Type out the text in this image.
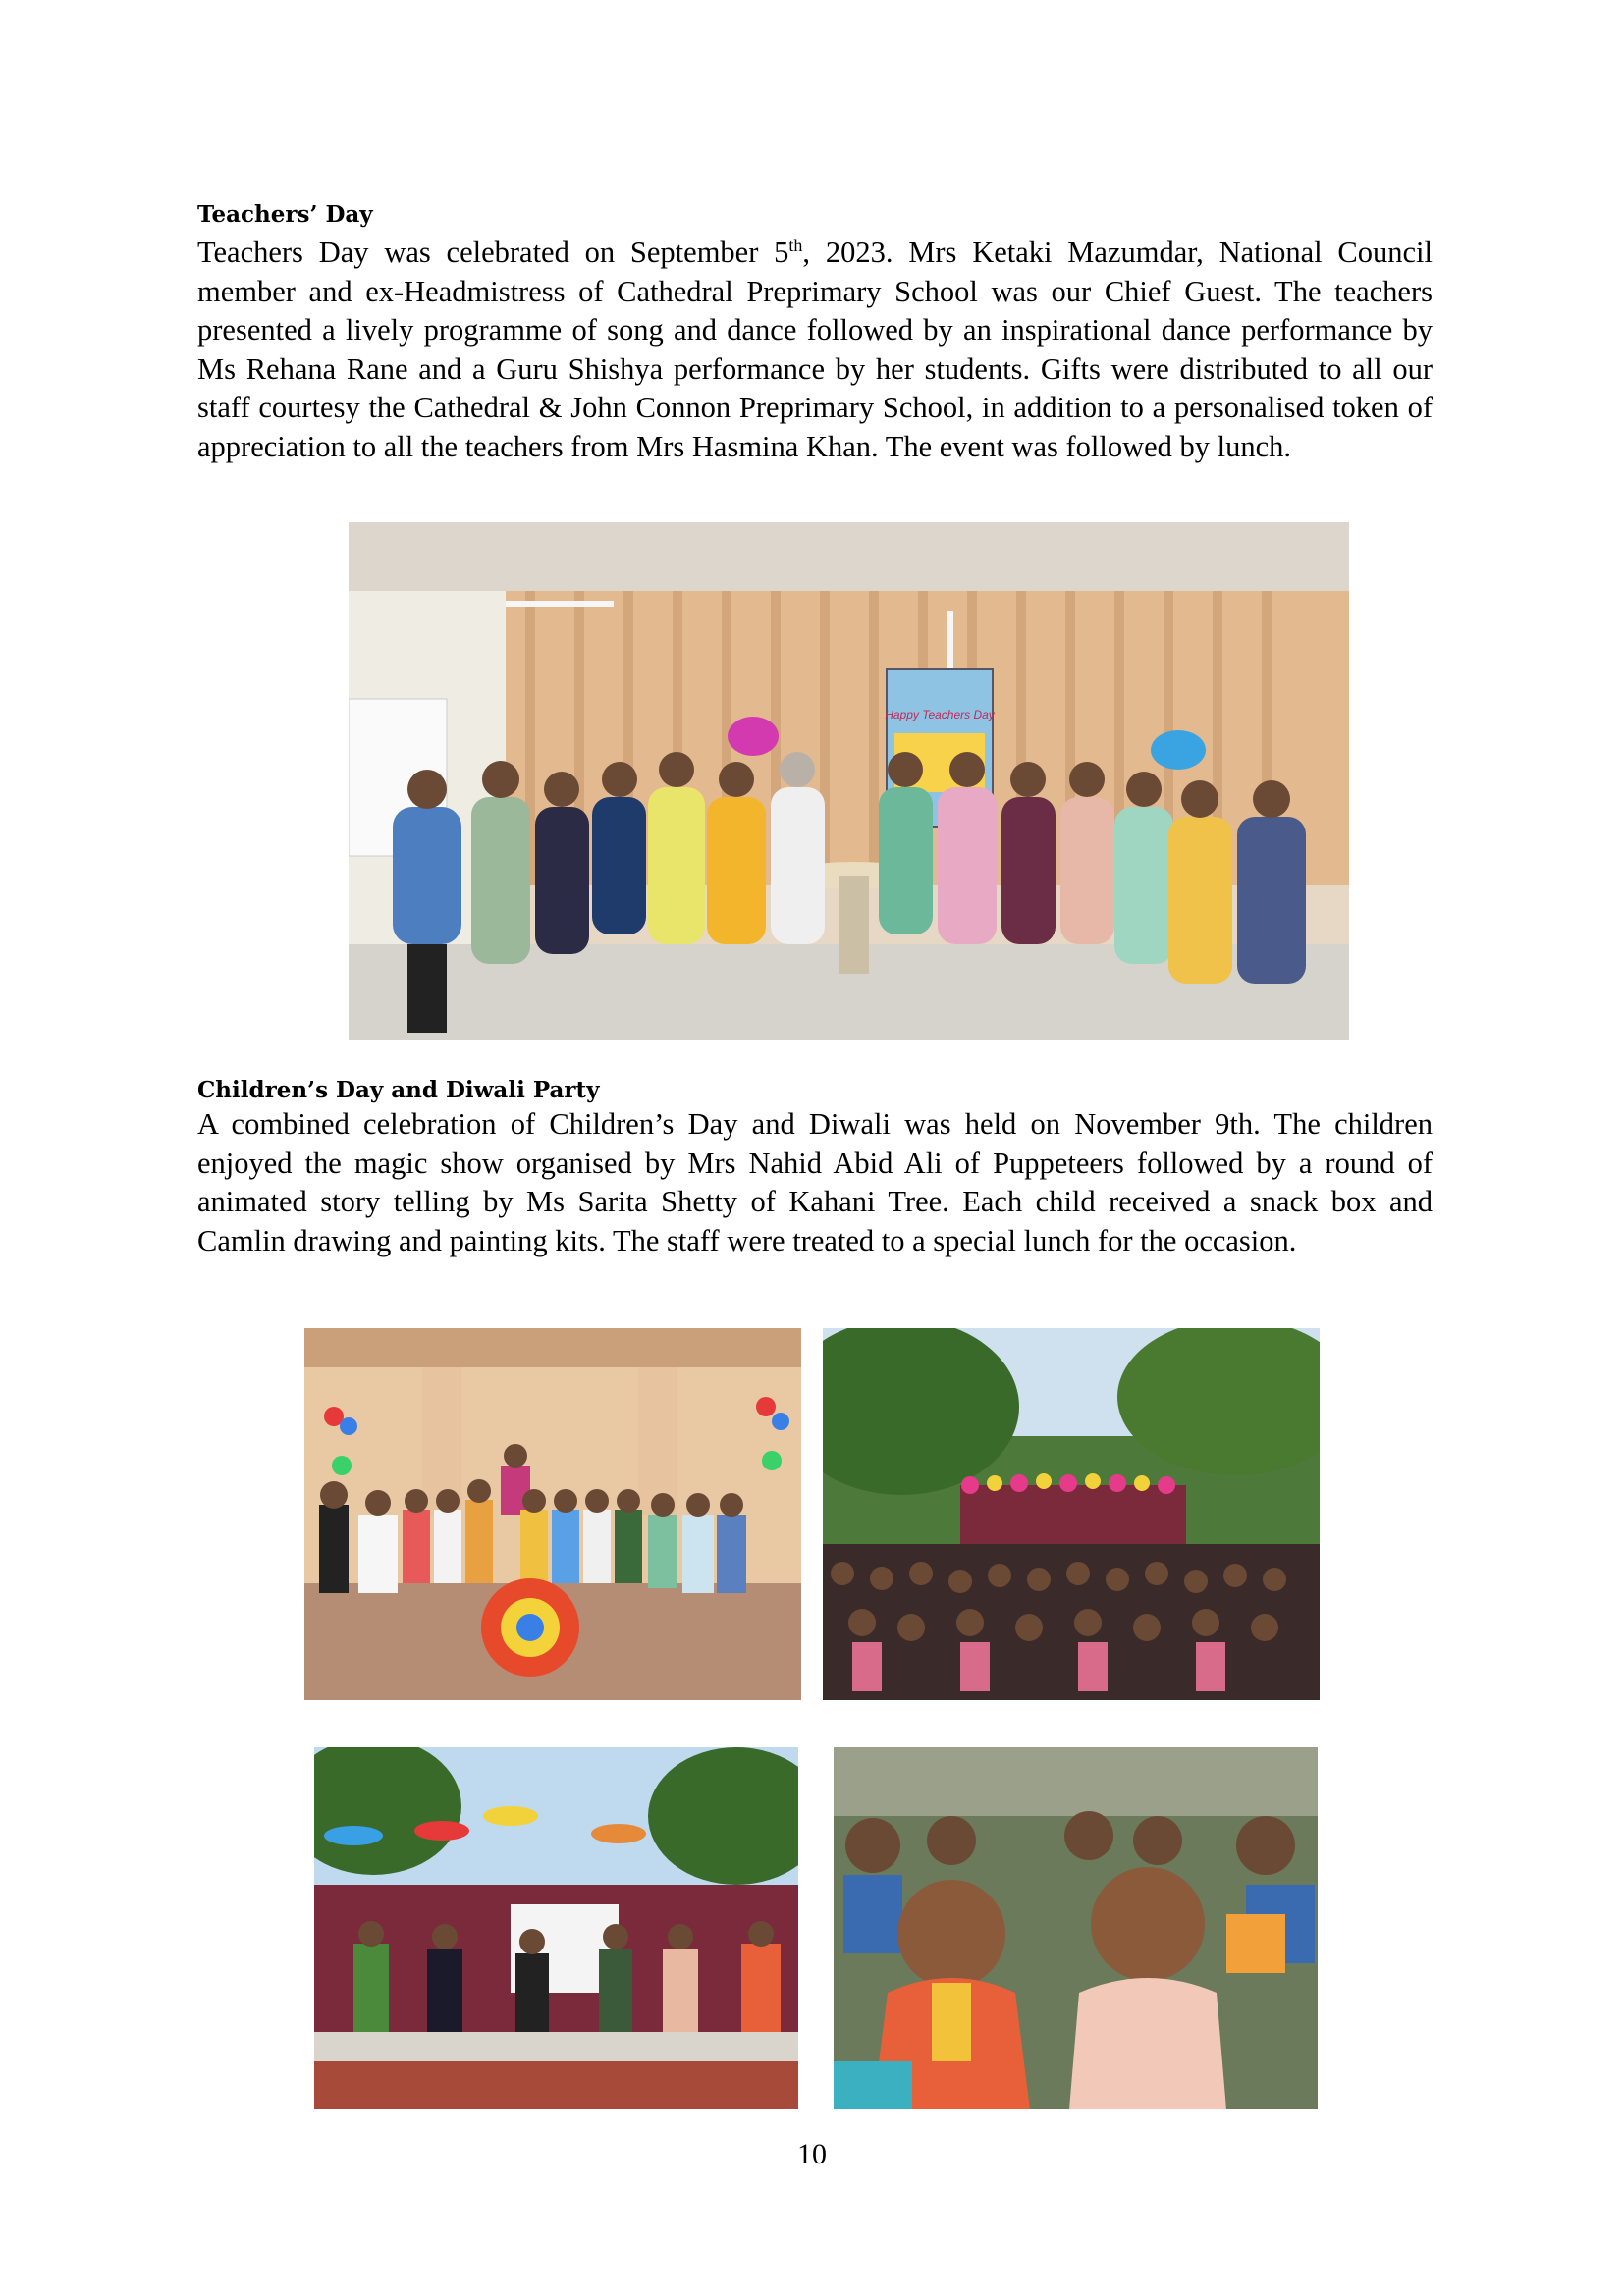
Teachers’ Day

Teachers Day was celebrated on September 5th, 2023. Mrs Ketaki Mazumdar, National Council member and ex-Headmistress of Cathedral Preprimary School was our Chief Guest. The teachers presented a lively programme of song and dance followed by an inspirational dance performance by Ms Rehana Rane and a Guru Shishya performance by her students. Gifts were distributed to all our staff courtesy the Cathedral & John Connon Preprimary School, in addition to a personalised token of appreciation to all the teachers from Mrs Hasmina Khan. The event was followed by lunch.

Happy Teachers Day
Children’s Day and Diwali Party

A combined celebration of Children’s Day and Diwali was held on November 9th. The children enjoyed the magic show organised by Mrs Nahid Abid Ali of Puppeteers followed by a round of animated story telling by Ms Sarita Shetty of Kahani Tree. Each child received a snack box and Camlin drawing and painting kits. The staff were treated to a special lunch for the occasion.

10
